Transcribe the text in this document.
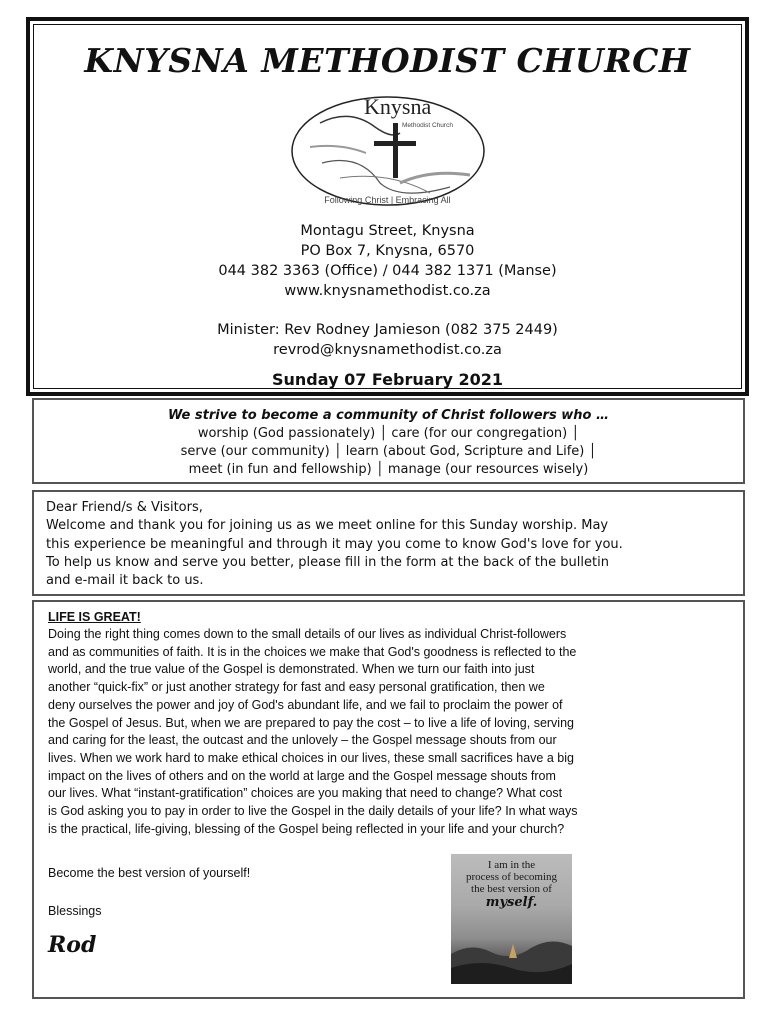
KNYSNA METHODIST CHURCH
Knysna
Methodist Church
Following Christ | Embracing All
Montagu Street, Knysna
PO Box 7, Knysna, 6570
044 382 3363 (Office) / 044 382 1371 (Manse)
www.knysnamethodist.co.za
Minister: Rev Rodney Jamieson (082 375 2449)
revrod@knysnamethodist.co.za
Sunday 07 February 2021
We strive to become a community of Christ followers who …
worship (God passionately) │ care (for our congregation) │
serve (our community) │ learn (about God, Scripture and Life) │
meet (in fun and fellowship) │ manage (our resources wisely)
Dear Friend/s & Visitors,
Welcome and thank you for joining us as we meet online for this Sunday worship. May
this experience be meaningful and through it may you come to know God's love for you.
To help us know and serve you better, please fill in the form at the back of the bulletin
and e-mail it back to us.
LIFE IS GREAT!
Doing the right thing comes down to the small details of our lives as individual Christ-followers
and as communities of faith. It is in the choices we make that God's goodness is reflected to the
world, and the true value of the Gospel is demonstrated. When we turn our faith into just
another “quick-fix” or just another strategy for fast and easy personal gratification, then we
deny ourselves the power and joy of God's abundant life, and we fail to proclaim the power of
the Gospel of Jesus. But, when we are prepared to pay the cost – to live a life of loving, serving
and caring for the least, the outcast and the unlovely – the Gospel message shouts from our
lives. When we work hard to make ethical choices in our lives, these small sacrifices have a big
impact on the lives of others and on the world at large and the Gospel message shouts from
our lives. What “instant-gratification” choices are you making that need to change? What cost
is God asking you to pay in order to live the Gospel in the daily details of your life? In what ways
is the practical, life-giving, blessing of the Gospel being reflected in your life and your church?
Become the best version of yourself!
Blessings
Rod
I am in the
process of becoming
the best version of
myself.
